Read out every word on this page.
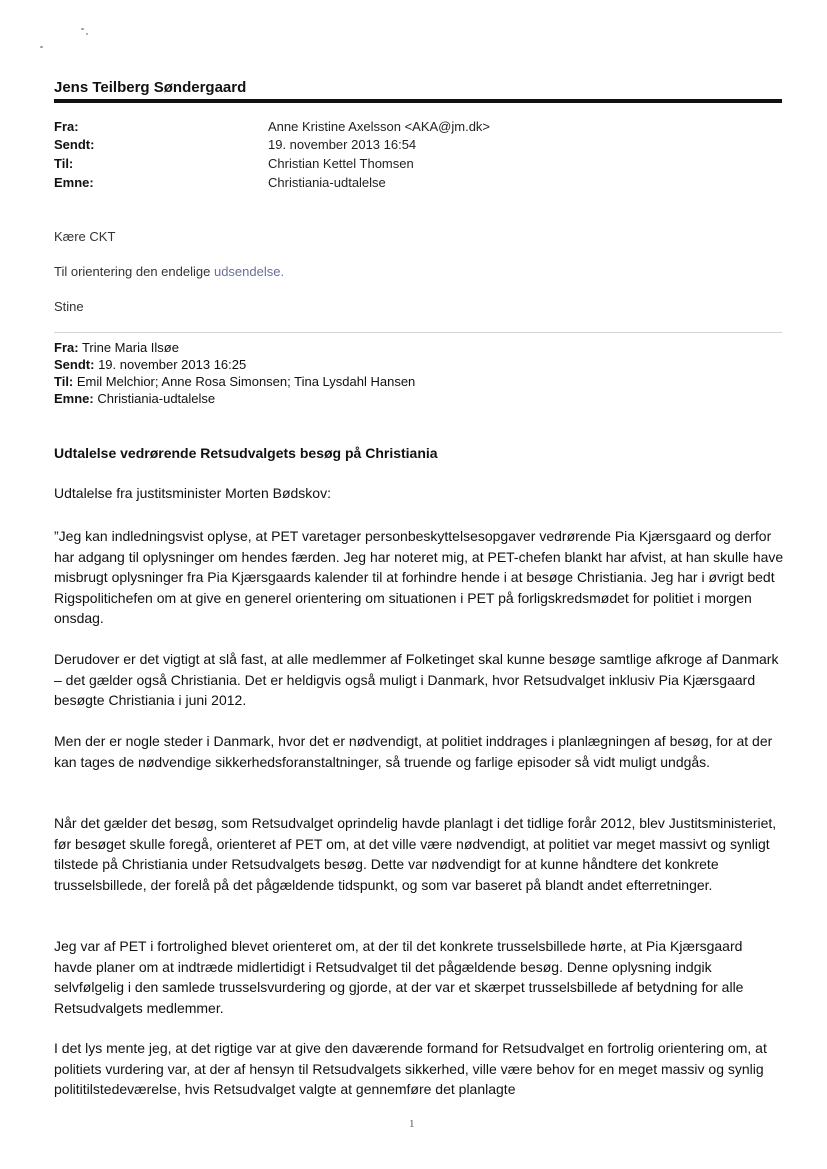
Jens Teilberg Søndergaard
Fra:	Anne Kristine Axelsson <AKA@jm.dk>
Sendt:	19. november 2013 16:54
Til:	Christian Kettel Thomsen
Emne:	Christiania-udtalelse
Kære CKT
Til orientering den endelige udsendelse.
Stine
Fra: Trine Maria Ilsøe
Sendt: 19. november 2013 16:25
Til: Emil Melchior; Anne Rosa Simonsen; Tina Lysdahl Hansen
Emne: Christiania-udtalelse
Udtalelse vedrørende Retsudvalgets besøg på Christiania
Udtalelse fra justitsminister Morten Bødskov:

”Jeg kan indledningsvist oplyse, at PET varetager personbeskyttelsesopgaver vedrørende Pia Kjærsgaard og derfor har adgang til oplysninger om hendes færden. Jeg har noteret mig, at PET-chefen blankt har afvist, at han skulle have misbrugt oplysninger fra Pia Kjærsgaards kalender til at forhindre hende i at besøge Christiania. Jeg har i øvrigt bedt Rigspolitichefen om at give en generel orientering om situationen i PET på forligskredsmødet for politiet i morgen onsdag.

Derudover er det vigtigt at slå fast, at alle medlemmer af Folketinget skal kunne besøge samtlige afkroge af Danmark – det gælder også Christiania. Det er heldigvis også muligt i Danmark, hvor Retsudvalget inklusiv Pia Kjærsgaard besøgte Christiania i juni 2012.

Men der er nogle steder i Danmark, hvor det er nødvendigt, at politiet inddrages i planlægningen af besøg, for at der kan tages de nødvendige sikkerhedsforanstaltninger, så truende og farlige episoder så vidt muligt undgås.

Når det gælder det besøg, som Retsudvalget oprindelig havde planlagt i det tidlige forår 2012, blev Justitsministeriet, før besøget skulle foregå, orienteret af PET om, at det ville være nødvendigt, at politiet var meget massivt og synligt tilstede på Christiania under Retsudvalgets besøg. Dette var nødvendigt for at kunne håndtere det konkrete trusselsbillede, der forelå på det pågældende tidspunkt, og som var baseret på blandt andet efterretninger.

Jeg var af PET i fortrolighed blevet orienteret om, at der til det konkrete trusselsbillede hørte, at Pia Kjærsgaard havde planer om at indtræde midlertidigt i Retsudvalget til det pågældende besøg. Denne oplysning indgik selvfølgelig i den samlede trusselsvurdering og gjorde, at der var et skærpet trusselsbillede af betydning for alle Retsudvalgets medlemmer.

I det lys mente jeg, at det rigtige var at give den daværende formand for Retsudvalget en fortrolig orientering om, at politiets vurdering var, at der af hensyn til Retsudvalgets sikkerhed, ville være behov for en meget massiv og synlig polititilstedeværelse, hvis Retsudvalget valgte at gennemføre det planlagte

1
